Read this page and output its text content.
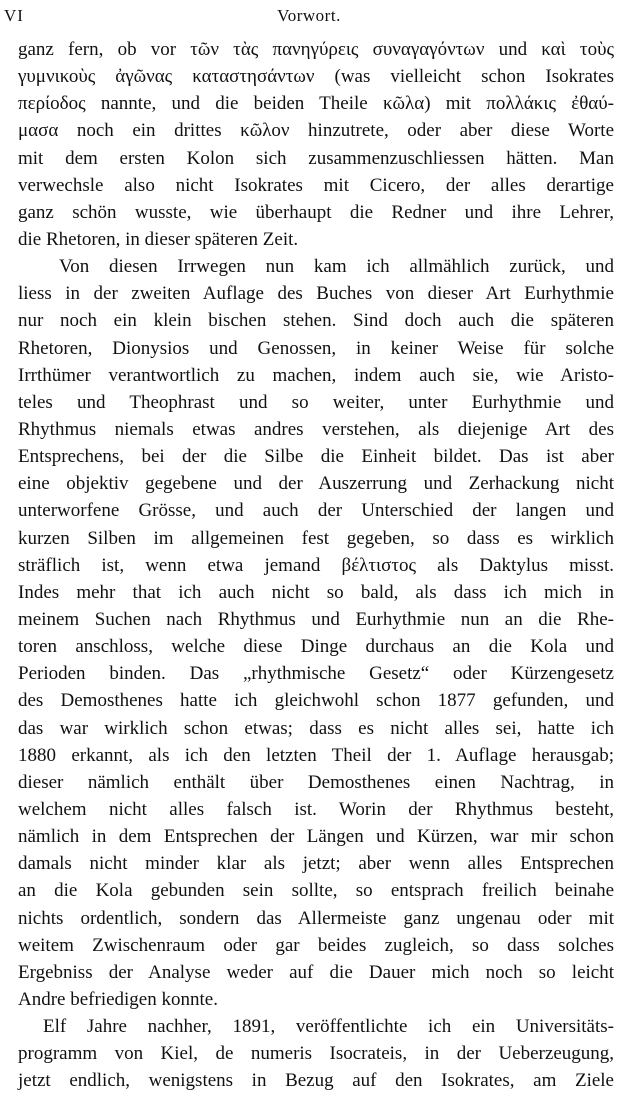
VI	Vorwort.
ganz fern, ob vor τῶν τὰς πανηγύρεις συναγαγόντων und καὶ τοὺς
γυμνικοὺς ἀγῶνας καταστησάντων (was vielleicht schon Isokrates
περίοδος nannte, und die beiden Theile κῶλα) mit πολλάκις ἐθαύ-
μασα noch ein drittes κῶλον hinzutrete, oder aber diese Worte
mit dem ersten Kolon sich zusammenzuschliessen hätten. Man
verwechsle also nicht Isokrates mit Cicero, der alles derartige
ganz schön wusste, wie überhaupt die Redner und ihre Lehrer,
die Rhetoren, in dieser späteren Zeit.
Von diesen Irrwegen nun kam ich allmählich zurück, und
liess in der zweiten Auflage des Buches von dieser Art Eurhythmie
nur noch ein klein bischen stehen. Sind doch auch die späteren
Rhetoren, Dionysios und Genossen, in keiner Weise für solche
Irrthümer verantwortlich zu machen, indem auch sie, wie Aristo-
teles und Theophrast und so weiter, unter Eurhythmie und
Rhythmus niemals etwas andres verstehen, als diejenige Art des
Entsprechens, bei der die Silbe die Einheit bildet. Das ist aber
eine objektiv gegebene und der Auszerrung und Zerhackung nicht
unterworfene Grösse, und auch der Unterschied der langen und
kurzen Silben im allgemeinen fest gegeben, so dass es wirklich
sträflich ist, wenn etwa jemand βέλτιστος als Daktylus misst.
Indes mehr that ich auch nicht so bald, als dass ich mich in
meinem Suchen nach Rhythmus und Eurhythmie nun an die Rhe-
toren anschloss, welche diese Dinge durchaus an die Kola und
Perioden binden. Das „rhythmische Gesetz“ oder Kürzengesetz
des Demosthenes hatte ich gleichwohl schon 1877 gefunden, und
das war wirklich schon etwas; dass es nicht alles sei, hatte ich
1880 erkannt, als ich den letzten Theil der 1. Auflage herausgab;
dieser nämlich enthält über Demosthenes einen Nachtrag, in
welchem nicht alles falsch ist. Worin der Rhythmus besteht,
nämlich in dem Entsprechen der Längen und Kürzen, war mir schon
damals nicht minder klar als jetzt; aber wenn alles Entsprechen
an die Kola gebunden sein sollte, so entsprach freilich beinahe
nichts ordentlich, sondern das Allermeiste ganz ungenau oder mit
weitem Zwischenraum oder gar beides zugleich, so dass solches
Ergebniss der Analyse weder auf die Dauer mich noch so leicht
Andre befriedigen konnte.
Elf Jahre nachher, 1891, veröffentlichte ich ein Universitäts-
programm von Kiel, de numeris Isocrateis, in der Ueberzeugung,
jetzt endlich, wenigstens in Bezug auf den Isokrates, am Ziele
